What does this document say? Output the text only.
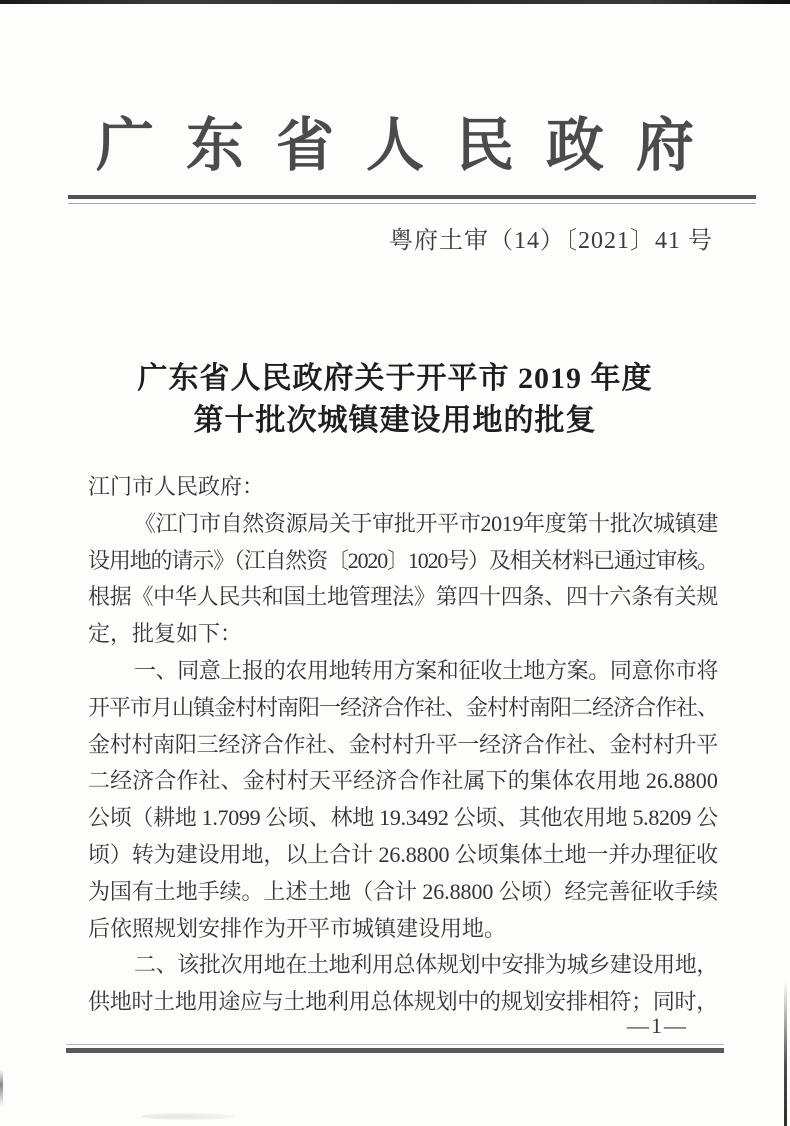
广东省人民政府
粤府土审（14）〔2021〕41 号
广东省人民政府关于开平市 2019 年度
第十批次城镇建设用地的批复
江门市人民政府：
《江门市自然资源局关于审批开平市2019年度第十批次城镇建
设用地的请示》（江自然资〔2020〕1020号）及相关材料已通过审核。
根据《中华人民共和国土地管理法》第四十四条、四十六条有关规
定，批复如下：
一、同意上报的农用地转用方案和征收土地方案。同意你市将
开平市月山镇金村村南阳一经济合作社、金村村南阳二经济合作社、
金村村南阳三经济合作社、金村村升平一经济合作社、金村村升平
二经济合作社、金村村天平经济合作社属下的集体农用地 26.8800
公顷（耕地 1.7099 公顷、林地 19.3492 公顷、其他农用地 5.8209 公
顷）转为建设用地，以上合计 26.8800 公顷集体土地一并办理征收
为国有土地手续。上述土地（合计 26.8800 公顷）经完善征收手续
后依照规划安排作为开平市城镇建设用地。
二、该批次用地在土地利用总体规划中安排为城乡建设用地，
供地时土地用途应与土地利用总体规划中的规划安排相符；同时，
—1—
